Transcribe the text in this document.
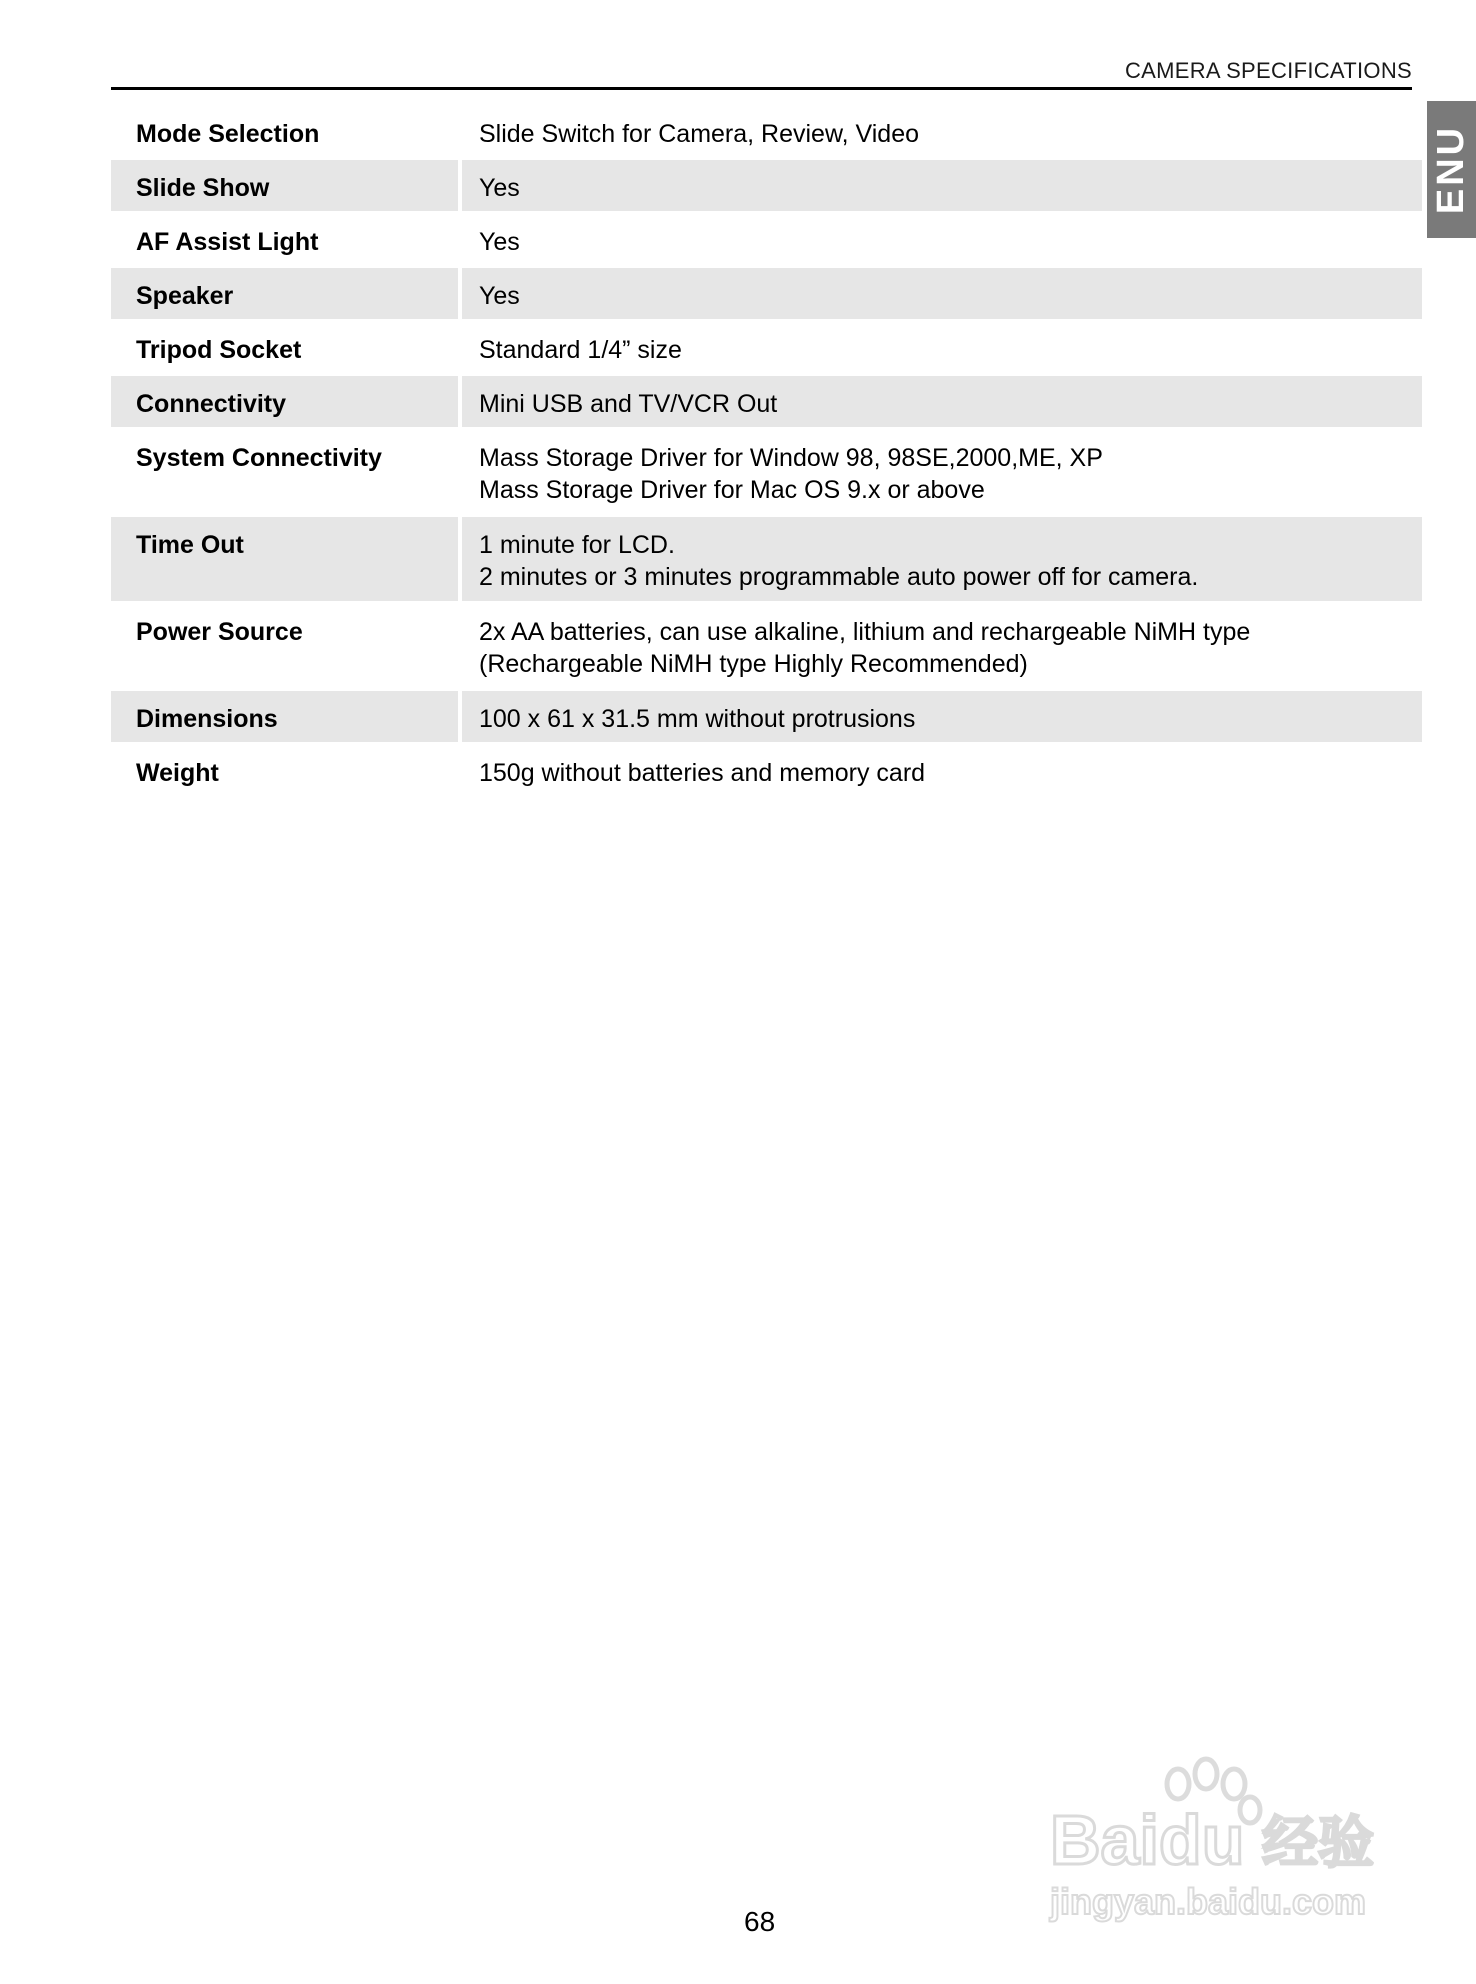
CAMERA SPECIFICATIONS
ENU
Mode Selection	Slide Switch for Camera, Review, Video
Slide Show	Yes
AF Assist Light	Yes
Speaker	Yes
Tripod Socket	Standard 1/4” size
Connectivity	Mini USB and TV/VCR Out
System Connectivity	Mass Storage Driver for Window 98, 98SE,2000,ME, XP
Mass Storage Driver for Mac OS 9.x or above
Time Out	1 minute for LCD.
2 minutes or 3 minutes programmable auto power off for camera.
Power Source	2x AA batteries, can use alkaline, lithium and rechargeable NiMH type
(Rechargeable NiMH type Highly Recommended)
Dimensions	100 x 61 x 31.5 mm without protrusions
Weight	150g without batteries and memory card
68
Baidu 经验
jingyan.baidu.com
